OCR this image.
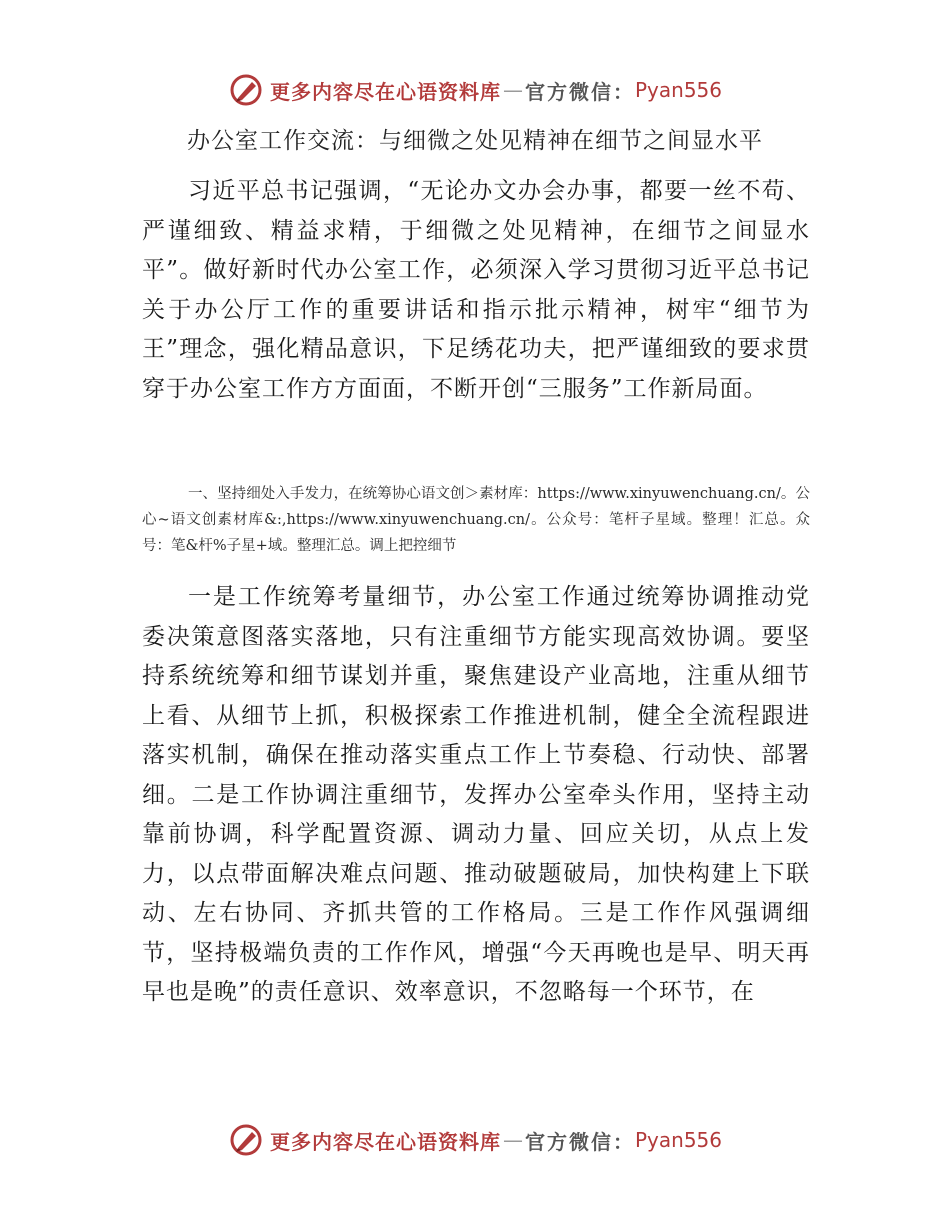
更多内容尽在心语资料库 — 官方微信： Pyan556
办公室工作交流：与细微之处见精神在细节之间显水平

习近平总书记强调，“无论办文办会办事，都要一丝不苟、严谨细致、精益求精，于细微之处见精神，在细节之间显水平”。做好新时代办公室工作，必须深入学习贯彻习近平总书记关于办公厅工作的重要讲话和指示批示精神，树牢“细节为王”理念，强化精品意识，下足绣花功夫，把严谨细致的要求贯穿于办公室工作方方面面，不断开创“三服务”工作新局面。

一、坚持细处入手发力，在统筹协心语文创＞素材库：https://www.xinyuwenchuang.cn/。公心~语文创素材库&:,https://www.xinyuwenchuang.cn/。公众号：笔杆子星域。整理！汇总。众号：笔&杆%子星+域。整理汇总。调上把控细节

一是工作统筹考量细节，办公室工作通过统筹协调推动党委决策意图落实落地，只有注重细节方能实现高效协调。要坚持系统统筹和细节谋划并重，聚焦建设产业高地，注重从细节上看、从细节上抓，积极探索工作推进机制，健全全流程跟进落实机制，确保在推动落实重点工作上节奏稳、行动快、部署细。二是工作协调注重细节，发挥办公室牵头作用，坚持主动靠前协调，科学配置资源、调动力量、回应关切，从点上发力，以点带面解决难点问题、推动破题破局，加快构建上下联动、左右协同、齐抓共管的工作格局。三是工作作风强调细节，坚持极端负责的工作作风，增强“今天再晚也是早、明天再早也是晚”的责任意识、效率意识，不忽略每一个环节，在

更多内容尽在心语资料库 — 官方微信： Pyan556
